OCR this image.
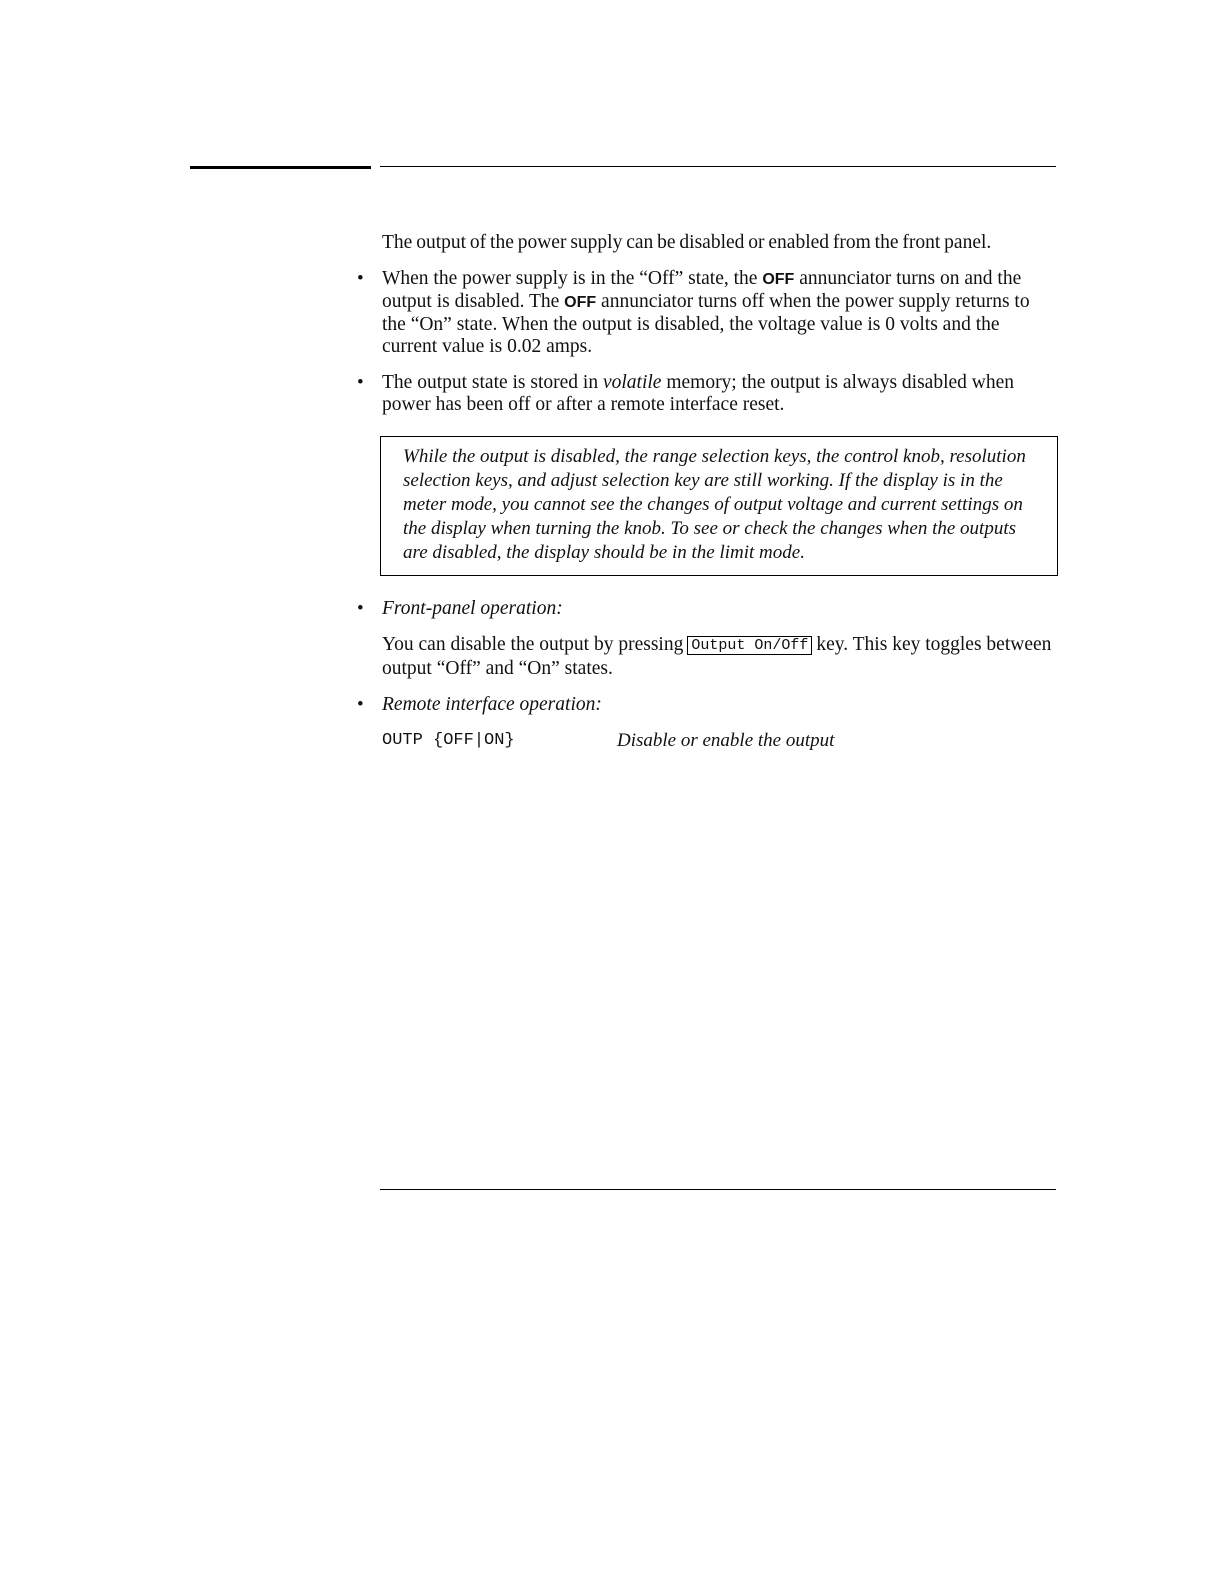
The output of the power supply can be disabled or enabled from the front panel.

• When the power supply is in the “Off” state, the OFF annunciator turns on and the output is disabled. The OFF annunciator turns off when the power supply returns to the “On” state. When the output is disabled, the voltage value is 0 volts and the current value is 0.02 amps.
• The output state is stored in volatile memory; the output is always disabled when power has been off or after a remote interface reset.
While the output is disabled, the range selection keys, the control knob, resolution selection keys, and adjust selection key are still working. If the display is in the meter mode, you cannot see the changes of output voltage and current settings on the display when turning the knob. To see or check the changes when the outputs are disabled, the display should be in the limit mode.
• Front-panel operation:

You can disable the output by pressing Output On/Off key. This key toggles between output “Off” and “On” states.

• Remote interface operation:
OUTP {OFF|ON}	Disable or enable the output
